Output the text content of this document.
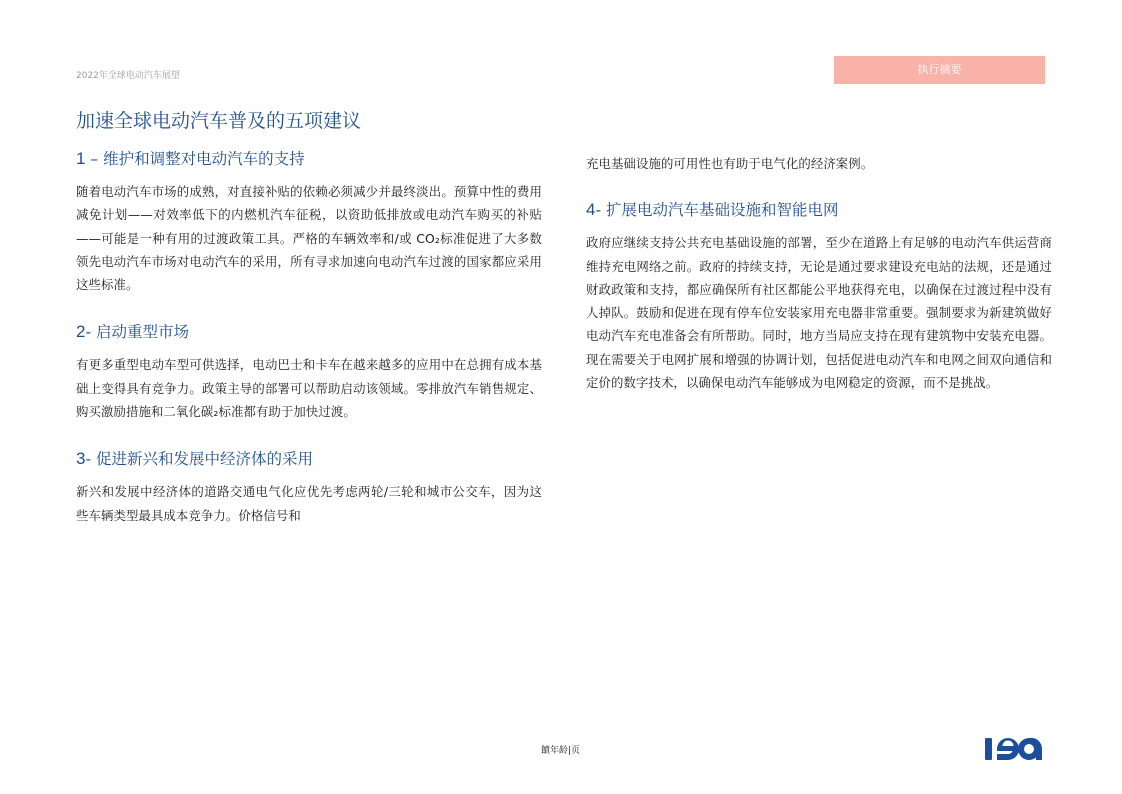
2022年全球电动汽车展望	执行摘要
加速全球电动汽车普及的五项建议
1 – 维护和调整对电动汽车的支持

随着电动汽车市场的成熟，对直接补贴的依赖必须减少并最终淡出。预算中性的费用减免计划——对效率低下的内燃机汽车征税，以资助低排放或电动汽车购买的补贴——可能是一种有用的过渡政策工具。严格的车辆效率和/或 CO₂标准促进了大多数领先电动汽车市场对电动汽车的采用，所有寻求加速向电动汽车过渡的国家都应采用这些标准。

2- 启动重型市场

有更多重型电动车型可供选择，电动巴士和卡车在越来越多的应用中在总拥有成本基础上变得具有竞争力。政策主导的部署可以帮助启动该领域。零排放汽车销售规定、购买激励措施和二氧化碳₂标准都有助于加快过渡。

3- 促进新兴和发展中经济体的采用

新兴和发展中经济体的道路交通电气化应优先考虑两轮/三轮和城市公交车，因为这些车辆类型最具成本竞争力。价格信号和

充电基础设施的可用性也有助于电气化的经济案例。

4- 扩展电动汽车基础设施和智能电网

政府应继续支持公共充电基础设施的部署，至少在道路上有足够的电动汽车供运营商维持充电网络之前。政府的持续支持，无论是通过要求建设充电站的法规，还是通过财政政策和支持，都应确保所有社区都能公平地获得充电，以确保在过渡过程中没有人掉队。鼓励和促进在现有停车位安装家用充电器非常重要。强制要求为新建筑做好电动汽车充电准备会有所帮助。同时，地方当局应支持在现有建筑物中安装充电器。现在需要关于电网扩展和增强的协调计划，包括促进电动汽车和电网之间双向通信和定价的数字技术，以确保电动汽车能够成为电网稳定的资源，而不是挑战。

饙年龄|页
